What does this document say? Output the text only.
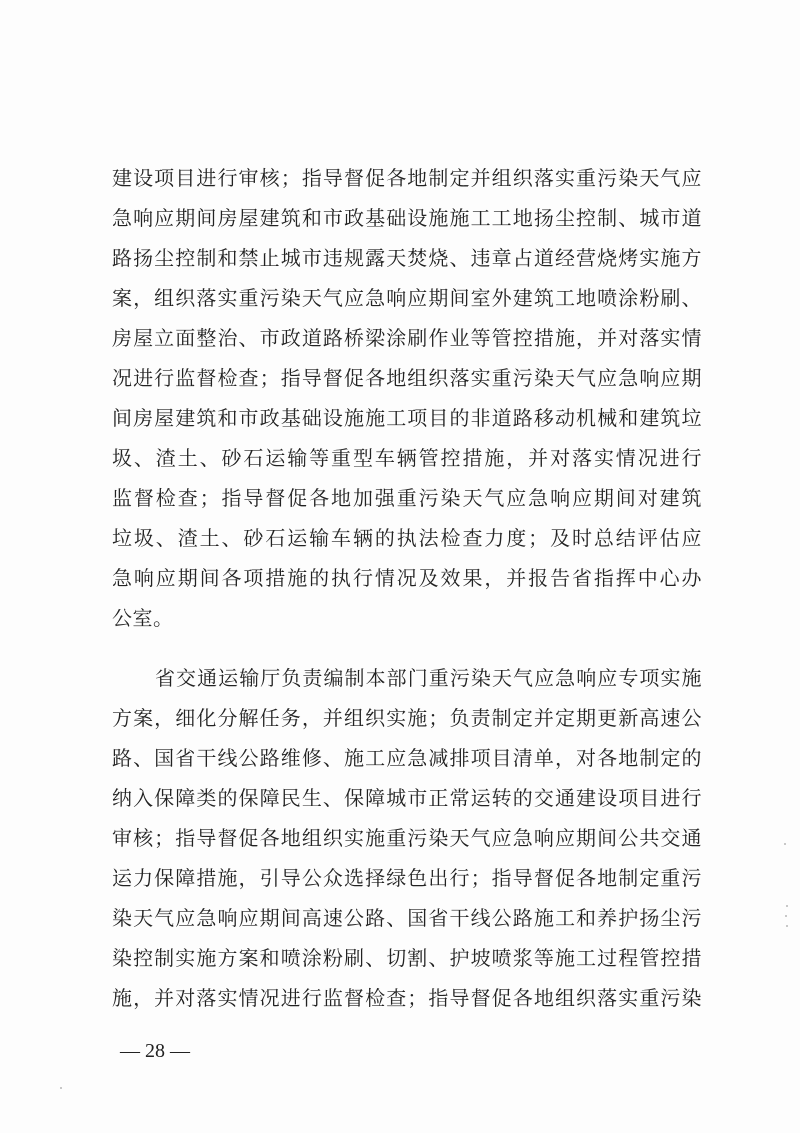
建设项目进行审核；指导督促各地制定并组织落实重污染天气应
急响应期间房屋建筑和市政基础设施施工工地扬尘控制、城市道
路扬尘控制和禁止城市违规露天焚烧、违章占道经营烧烤实施方
案，组织落实重污染天气应急响应期间室外建筑工地喷涂粉刷、
房屋立面整治、市政道路桥梁涂刷作业等管控措施，并对落实情
况进行监督检查；指导督促各地组织落实重污染天气应急响应期
间房屋建筑和市政基础设施施工项目的非道路移动机械和建筑垃
圾、渣土、砂石运输等重型车辆管控措施，并对落实情况进行
监督检查；指导督促各地加强重污染天气应急响应期间对建筑
垃圾、渣土、砂石运输车辆的执法检查力度；及时总结评估应
急响应期间各项措施的执行情况及效果，并报告省指挥中心办
公室。
省交通运输厅负责编制本部门重污染天气应急响应专项实施
方案，细化分解任务，并组织实施；负责制定并定期更新高速公
路、国省干线公路维修、施工应急减排项目清单，对各地制定的
纳入保障类的保障民生、保障城市正常运转的交通建设项目进行
审核；指导督促各地组织实施重污染天气应急响应期间公共交通
运力保障措施，引导公众选择绿色出行；指导督促各地制定重污
染天气应急响应期间高速公路、国省干线公路施工和养护扬尘污
染控制实施方案和喷涂粉刷、切割、护坡喷浆等施工过程管控措
施，并对落实情况进行监督检查；指导督促各地组织落实重污染
— 28 —
